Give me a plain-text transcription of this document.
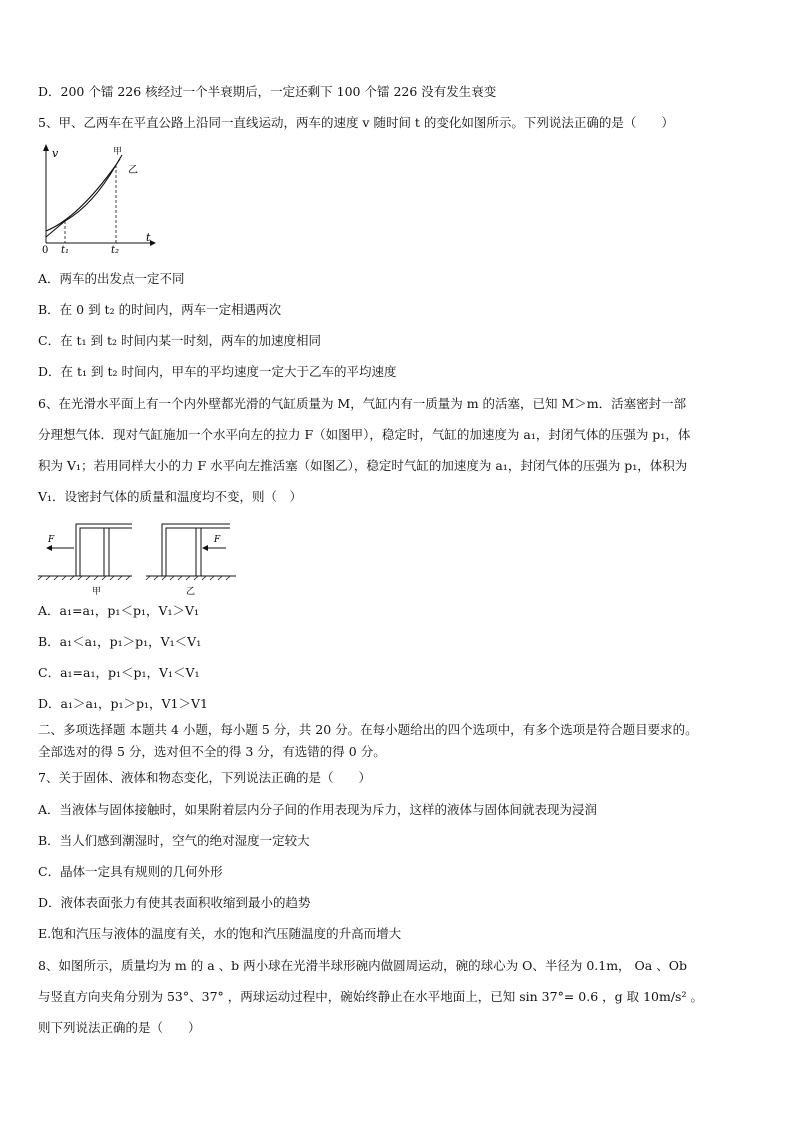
D．200 个镭 226 核经过一个半衰期后，一定还剩下 100 个镭 226 没有发生衰变
5、甲、乙两车在平直公路上沿同一直线运动，两车的速度 v 随时间 t 的变化如图所示。下列说法正确的是（　　）
v
t
0 t₁	t₂
甲
乙
A．两车的出发点一定不同
B．在 0 到 t₂ 的时间内，两车一定相遇两次
C．在 t₁ 到 t₂ 时间内某一时刻，两车的加速度相同
D．在 t₁ 到 t₂ 时间内，甲车的平均速度一定大于乙车的平均速度
6、在光滑水平面上有一个内外壁都光滑的气缸质量为 M，气缸内有一质量为 m 的活塞，已知 M＞m．活塞密封一部
分理想气体．现对气缸施加一个水平向左的拉力 F（如图甲），稳定时，气缸的加速度为 a₁，封闭气体的压强为 p₁，体
积为 V₁；若用同样大小的力 F 水平向左推活塞（如图乙），稳定时气缸的加速度为 a₁，封闭气体的压强为 p₁，体积为
V₁．设密封气体的质量和温度均不变，则（　）
F
甲
F
乙
A．a₁=a₁，p₁＜p₁，V₁＞V₁
B．a₁＜a₁，p₁＞p₁，V₁＜V₁
C．a₁=a₁，p₁＜p₁，V₁＜V₁
D．a₁＞a₁，p₁＞p₁，V1＞V1
二、多项选择题 本题共 4 小题，每小题 5 分，共 20 分。在每小题给出的四个选项中，有多个选项是符合题目要求的。
全部选对的得 5 分，选对但不全的得 3 分，有选错的得 0 分。
7、关于固体、液体和物态变化，下列说法正确的是（　　）
A．当液体与固体接触时，如果附着层内分子间的作用表现为斥力，这样的液体与固体间就表现为浸润
B．当人们感到潮湿时，空气的绝对湿度一定较大
C．晶体一定具有规则的几何外形
D．液体表面张力有使其表面积收缩到最小的趋势
E.饱和汽压与液体的温度有关，水的饱和汽压随温度的升高而增大
8、如图所示，质量均为 m 的 a 、b 两小球在光滑半球形碗内做圆周运动，碗的球心为 O、半径为 0.1m， Oa 、Ob
与竖直方向夹角分别为 53°、37° ，两球运动过程中，碗始终静止在水平地面上，已知 sin 37°= 0.6 ，g 取 10m/s² 。
则下列说法正确的是（　　）
